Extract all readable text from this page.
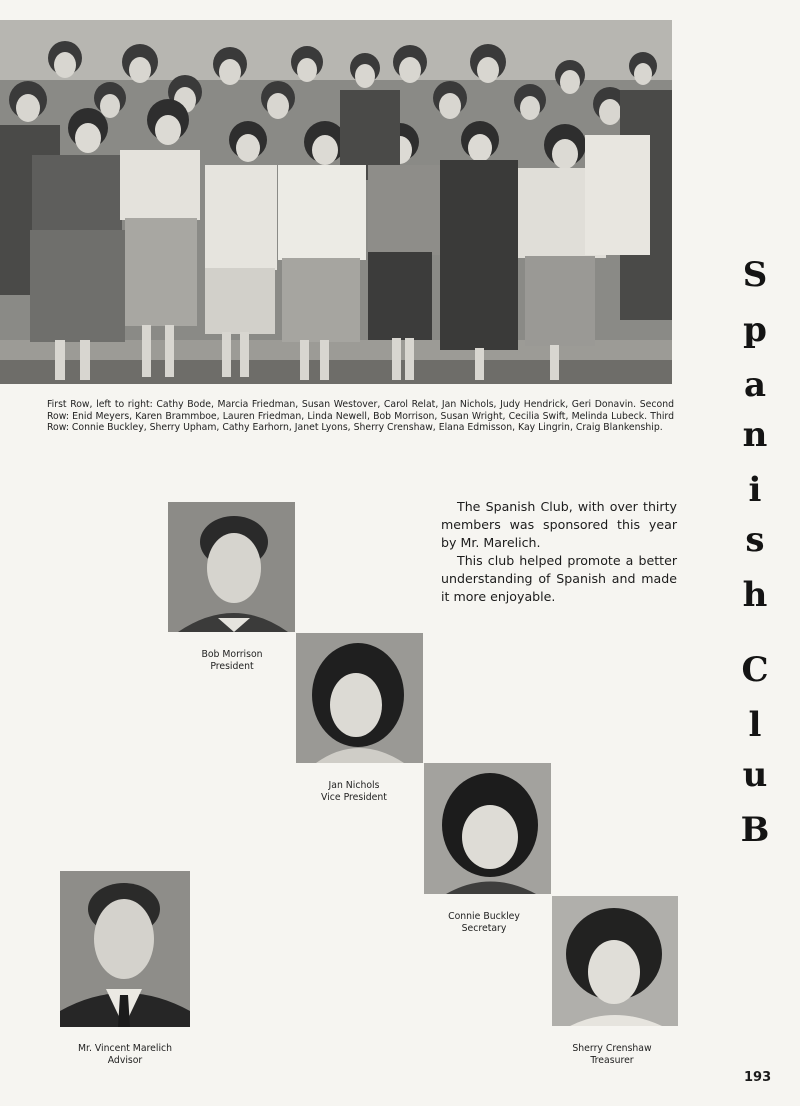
First Row, left to right: Cathy Bode, Marcia Friedman, Susan Westover, Carol Relat, Jan Nichols, Judy Hendrick, Geri Donavin. Second Row: Enid Meyers, Karen Brammboe, Lauren Friedman, Linda Newell, Bob Morrison, Susan Wright, Cecilia Swift, Melinda Lubeck. Third Row: Connie Buckley, Sherry Upham, Cathy Earhorn, Janet Lyons, Sherry Crenshaw, Elana Edmisson, Kay Lingrin, Craig Blankenship.

The Spanish Club, with over thirty members was sponsored this year by Mr. Marelich.

This club helped promote a better understanding of Spanish and made it more enjoyable.

Bob Morrison
President
Jan Nichols
Vice President
Connie Buckley
Secretary
Sherry Crenshaw
Treasurer
Mr. Vincent Marelich
Advisor
S
p
a
n
i
s
h
C
l
u
B
193
